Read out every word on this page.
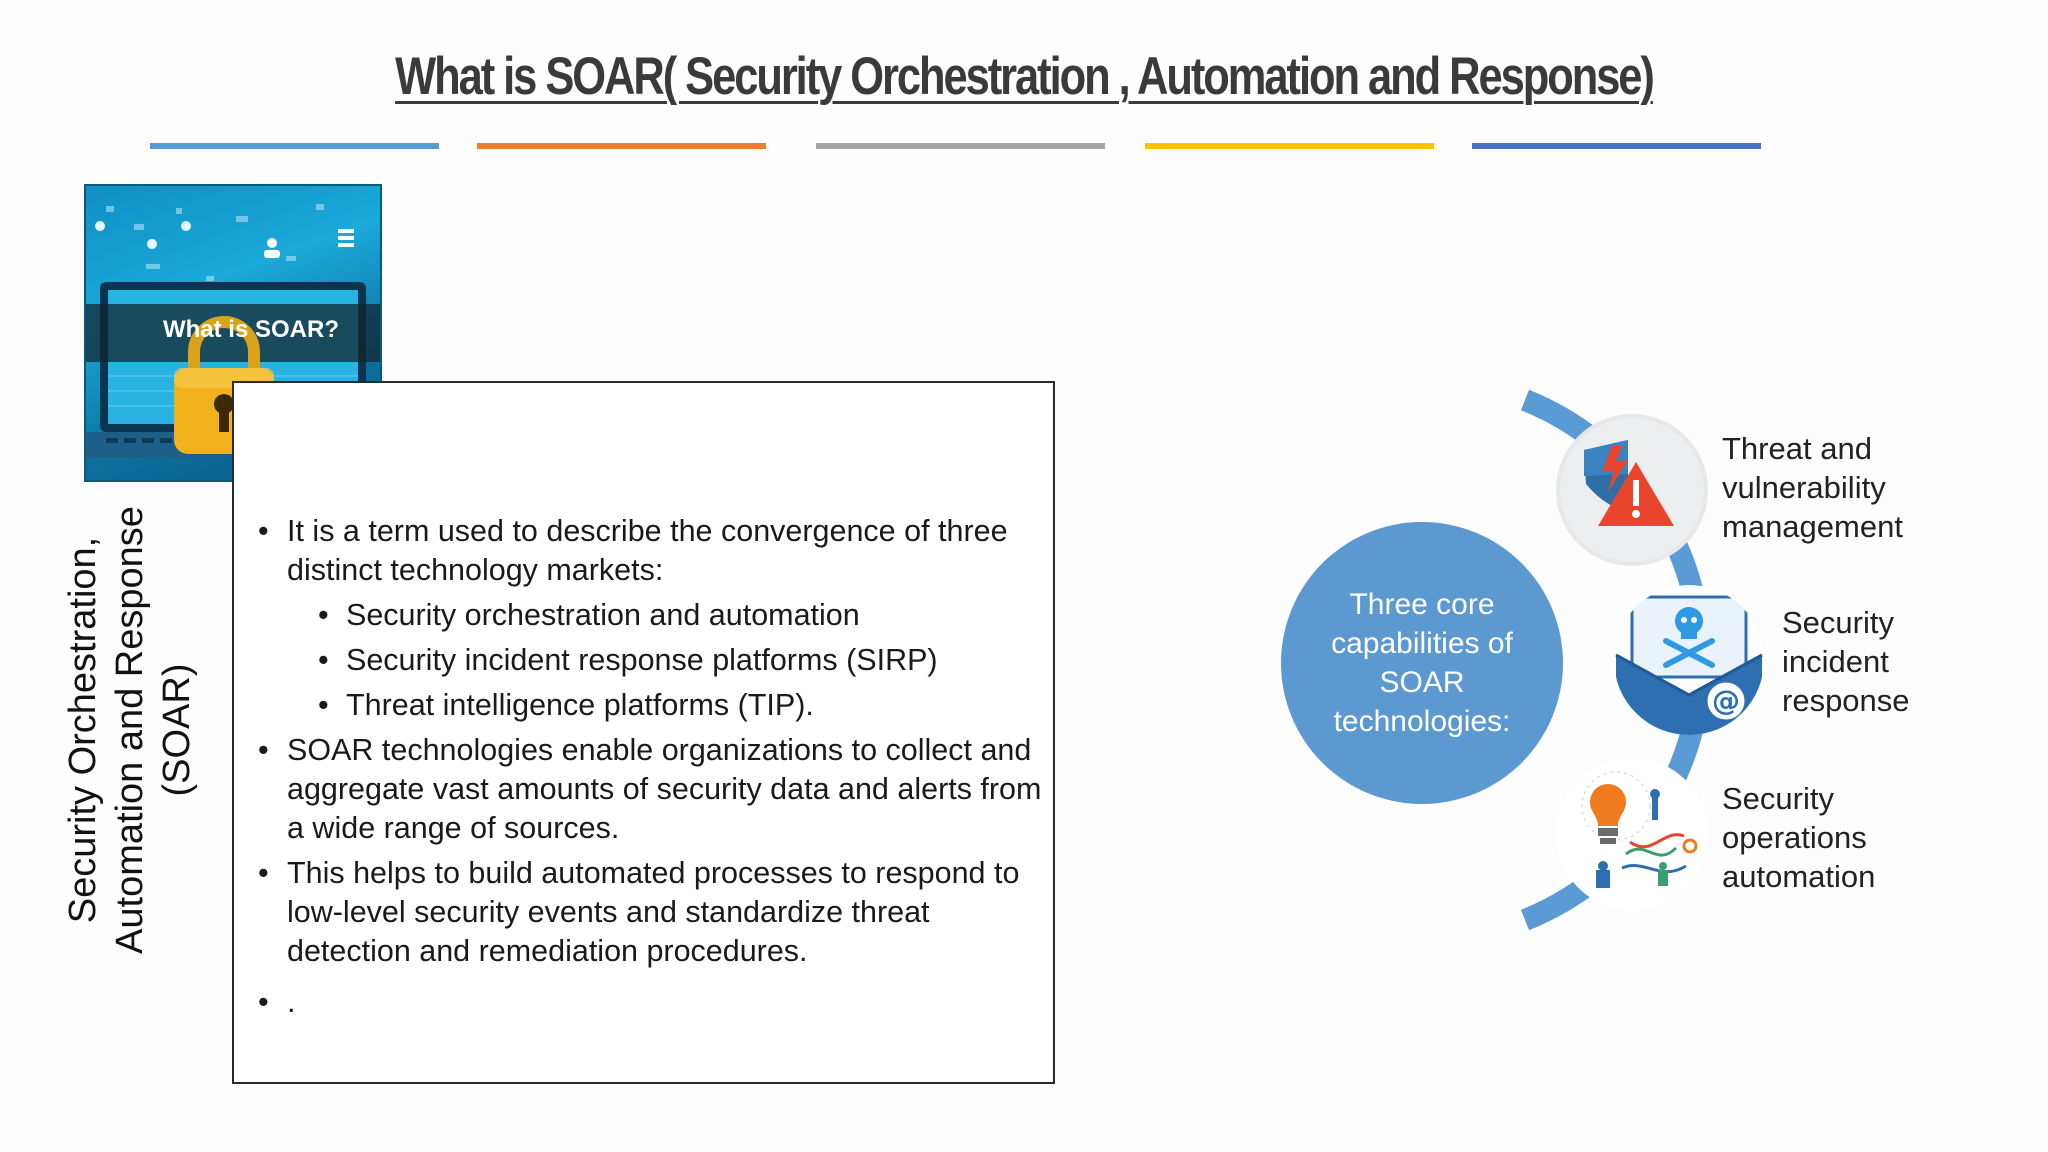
What is SOAR( Security Orchestration , Automation and Response)
What is SOAR?
Security Orchestration, Automation and Response (SOAR)
• It is a term used to describe the convergence of three distinct technology markets:
• Security orchestration and automation
• Security incident response platforms (SIRP)
• Threat intelligence platforms (TIP).
• SOAR technologies enable organizations to collect and aggregate vast amounts of security data and alerts from a wide range of sources.
• This helps to build automated processes to respond to low-level security events and standardize threat detection and remediation procedures.
• .
Three core capabilities of SOAR technologies:
@
Threat and vulnerability management
Security incident response
Security operations automation
